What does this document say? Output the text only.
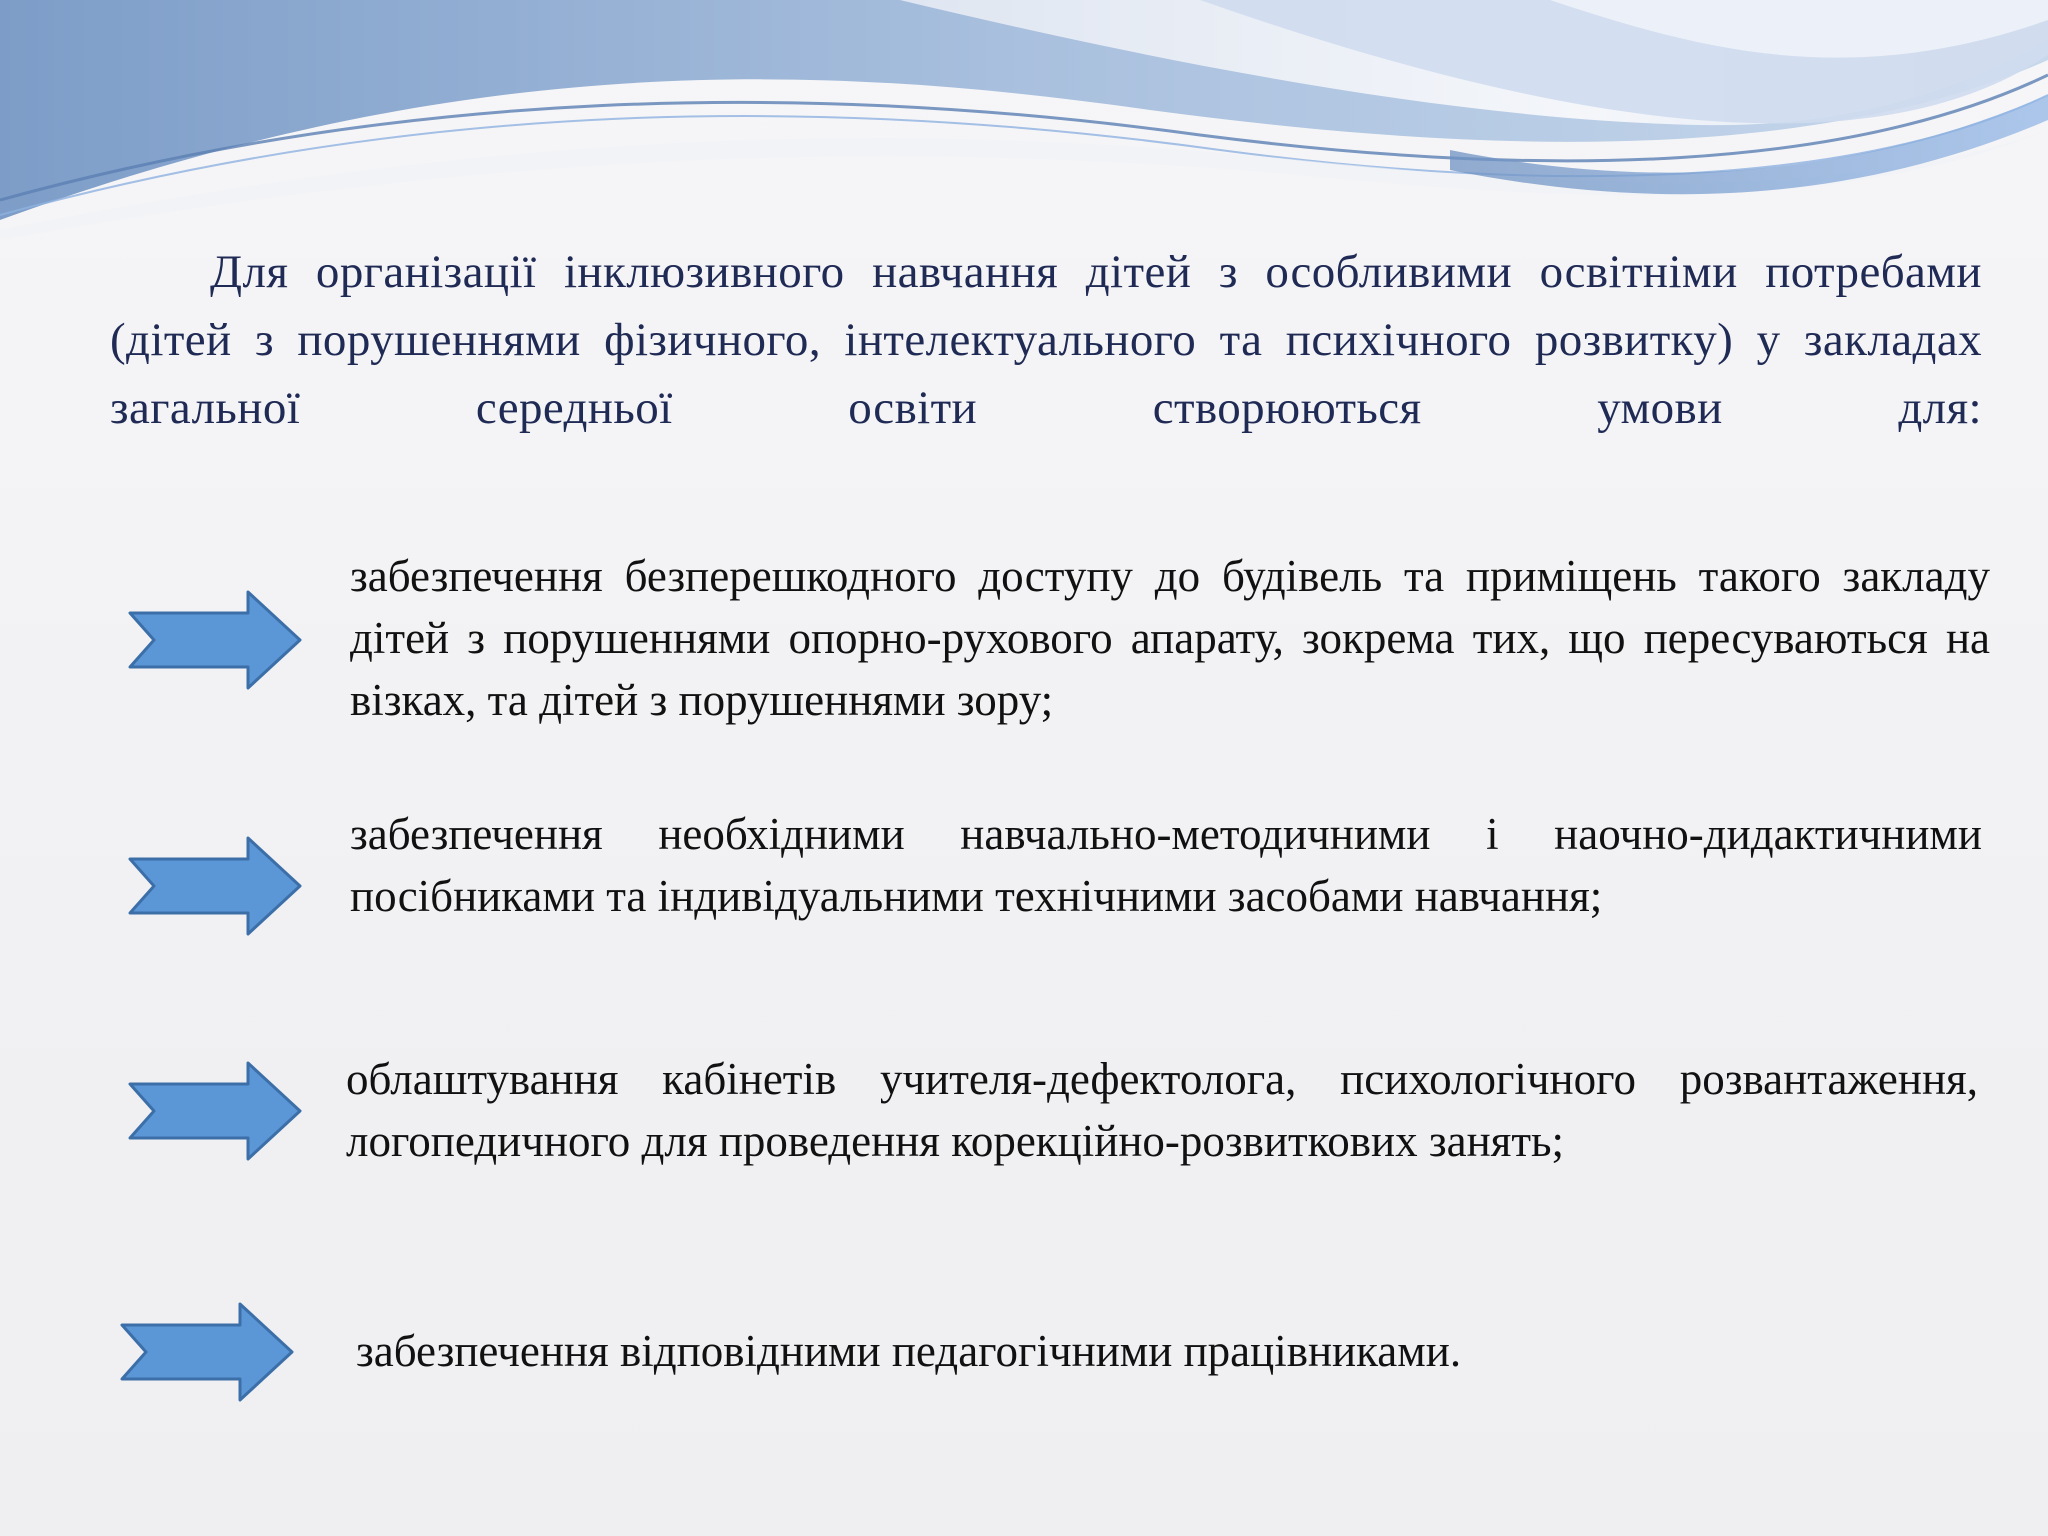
Для організації інклюзивного навчання дітей з особливими освітніми потребами (дітей з порушеннями фізичного, інтелектуального та психічного розвитку) у закладах загальної середньої освіти створюються умови для:

забезпечення безперешкодного доступу до будівель та приміщень такого закладу дітей з порушеннями опорно-рухового апарату, зокрема тих, що пересуваються на візках, та дітей з порушеннями зору;

забезпечення необхідними навчально-методичними і наочно-дидактичними посібниками та індивідуальними технічними засобами навчання;

облаштування кабінетів учителя-дефектолога, психологічного розвантаження, логопедичного для проведення корекційно-розвиткових занять;

забезпечення відповідними педагогічними працівниками.
